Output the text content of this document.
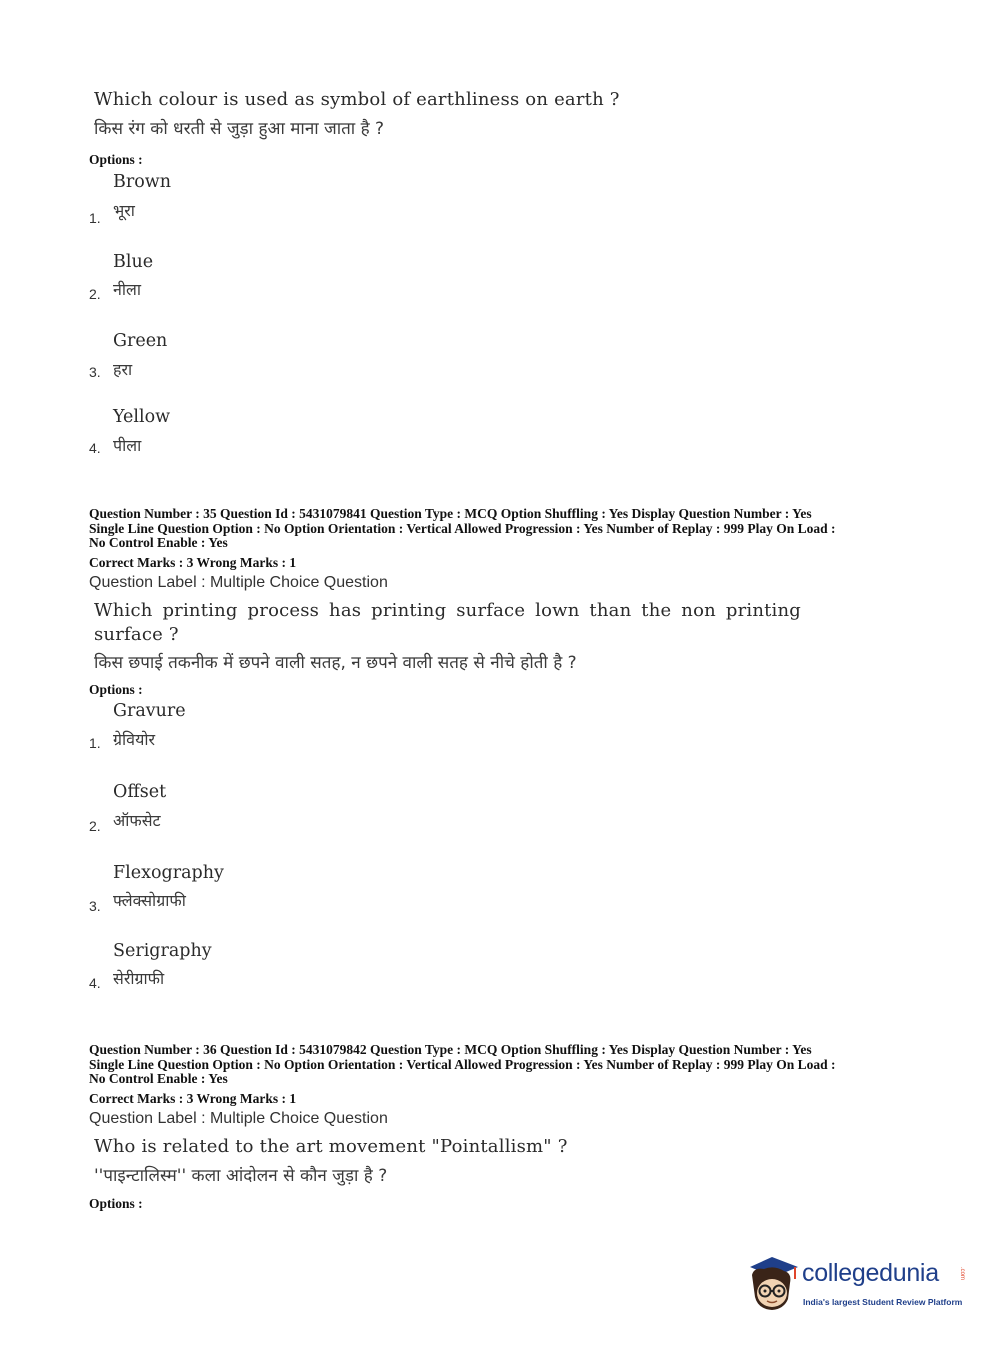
Which colour is used as symbol of earthliness on earth ?
किस रंग को धरती से जुड़ा हुआ माना जाता है ?
Options :
Brown
भूरा
1.
Blue
नीला
2.
Green
हरा
3.
Yellow
पीला
4.
Question Number : 35 Question Id : 5431079841 Question Type : MCQ Option Shuffling : Yes Display Question Number : Yes
Single Line Question Option : No Option Orientation : Vertical Allowed Progression : Yes Number of Replay : 999 Play On Load :
No Control Enable : Yes
Correct Marks : 3 Wrong Marks : 1
Question Label : Multiple Choice Question
Which printing process has printing surface lown than the non printing
surface ?
किस छपाई तकनीक में छपने वाली सतह, न छपने वाली सतह से नीचे होती है ?
Options :
Gravure
ग्रेवियोर
1.
Offset
ऑफसेट
2.
Flexography
फ्लेक्सोग्राफी
3.
Serigraphy
सेरीग्राफी
4.
Question Number : 36 Question Id : 5431079842 Question Type : MCQ Option Shuffling : Yes Display Question Number : Yes
Single Line Question Option : No Option Orientation : Vertical Allowed Progression : Yes Number of Replay : 999 Play On Load :
No Control Enable : Yes
Correct Marks : 3 Wrong Marks : 1
Question Label : Multiple Choice Question
Who is related to the art movement "Pointallism" ?
''पाइन्टालिस्म'' कला आंदोलन से कौन जुड़ा है ?
Options :
collegedunia	.com
India's largest Student Review Platform
